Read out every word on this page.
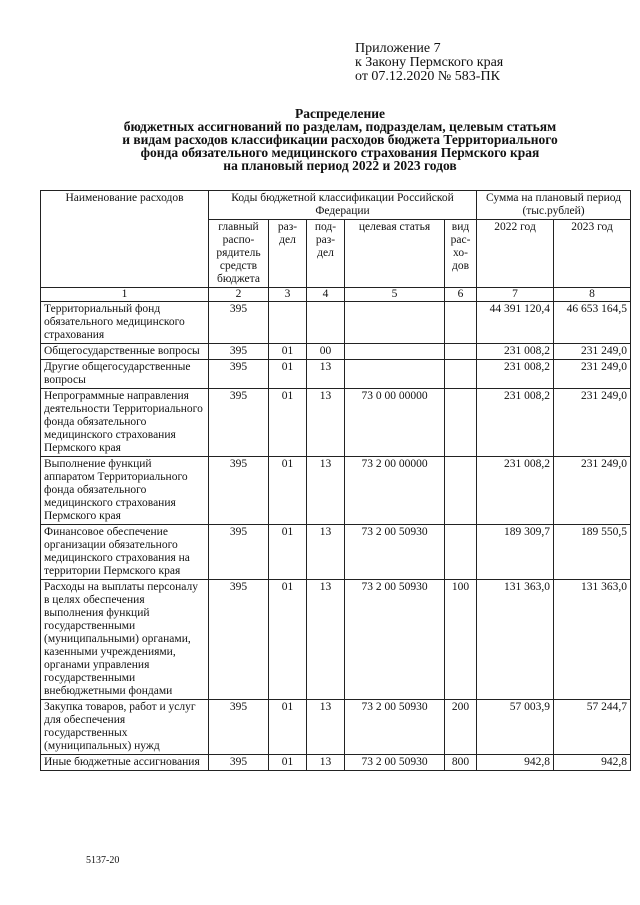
Приложение 7
к Закону Пермского края
от 07.12.2020 № 583-ПК
Распределение
бюджетных ассигнований по разделам, подразделам, целевым статьям
и видам расходов классификации расходов бюджета Территориального
фонда обязательного медицинского страхования Пермского края
на плановый период 2022 и 2023 годов
Наименование расходов	Коды бюджетной классификации Российской Федерации					Сумма на плановый период (тыс.рублей)	
	главный распо-рядитель средств бюджета	раз-дел	под-раз-дел	целевая статья	вид рас-хо-дов	2022 год	2023 год
1	2	3	4	5	6	7	8
Территориальный фонд обязательного медицинского страхования	395					44 391 120,4	46 653 164,5
Общегосударственные вопросы	395	01	00			231 008,2	231 249,0
Другие общегосударственные вопросы	395	01	13			231 008,2	231 249,0
Непрограммные направления деятельности Территориального фонда обязательного медицинского страхования Пермского края	395	01	13	73 0 00 00000		231 008,2	231 249,0
Выполнение функций аппаратом Территориального фонда обязательного медицинского страхования Пермского края	395	01	13	73 2 00 00000		231 008,2	231 249,0
Финансовое обеспечение организации обязательного медицинского страхования на территории Пермского края	395	01	13	73 2 00 50930		189 309,7	189 550,5
Расходы на выплаты персоналу в целях обеспечения выполнения функций государственными (муниципальными) органами, казенными учреждениями, органами управления государственными внебюджетными фондами	395	01	13	73 2 00 50930	100	131 363,0	131 363,0
Закупка товаров, работ и услуг для обеспечения государственных (муниципальных) нужд	395	01	13	73 2 00 50930	200	57 003,9	57 244,7
Иные бюджетные ассигнования	395	01	13	73 2 00 50930	800	942,8	942,8
5137-20
